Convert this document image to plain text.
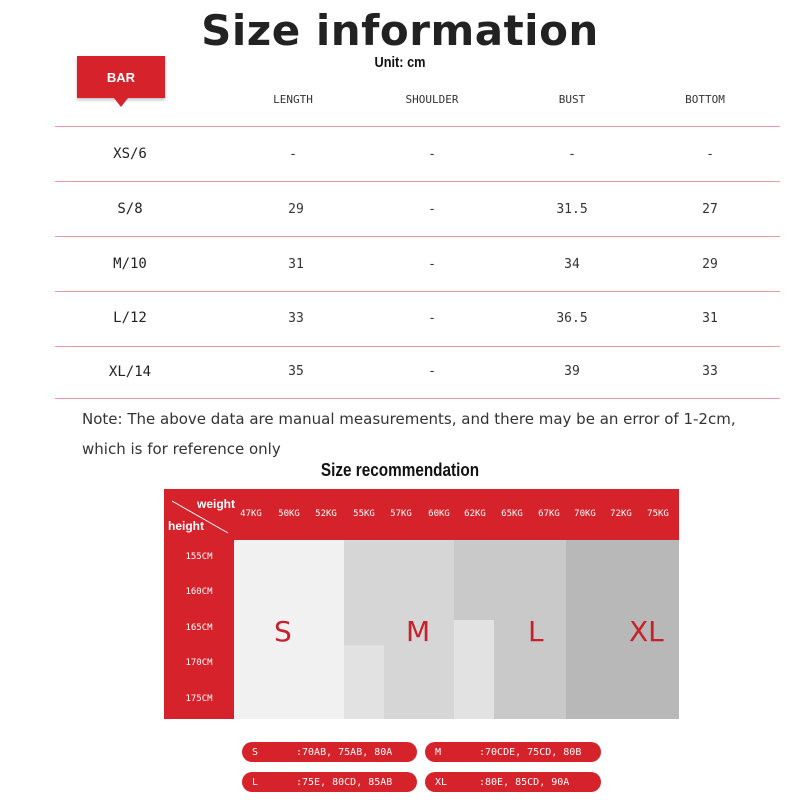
Size information
Unit: cm
BAR
LENGTH	SHOULDER	BUST	BOTTOM
XS/6	-	-	-	-
S/8	29	-	31.5	27
M/10	31	-	34	29
L/12	33	-	36.5	31
XL/14	35	-	39	33
Note: The above data are manual measurements, and there may be an error of 1-2cm,
which is for reference only
Size recommendation
S	M	L	XL
weight
height
47KG	50KG	52KG	55KG	57KG	60KG	62KG	65KG	67KG	70KG	72KG	75KG
155CM
160CM
165CM
170CM
175CM
S	:70AB, 75AB, 80A	M	:70CDE, 75CD, 80B
L	:75E, 80CD, 85AB	XL	:80E, 85CD, 90A
